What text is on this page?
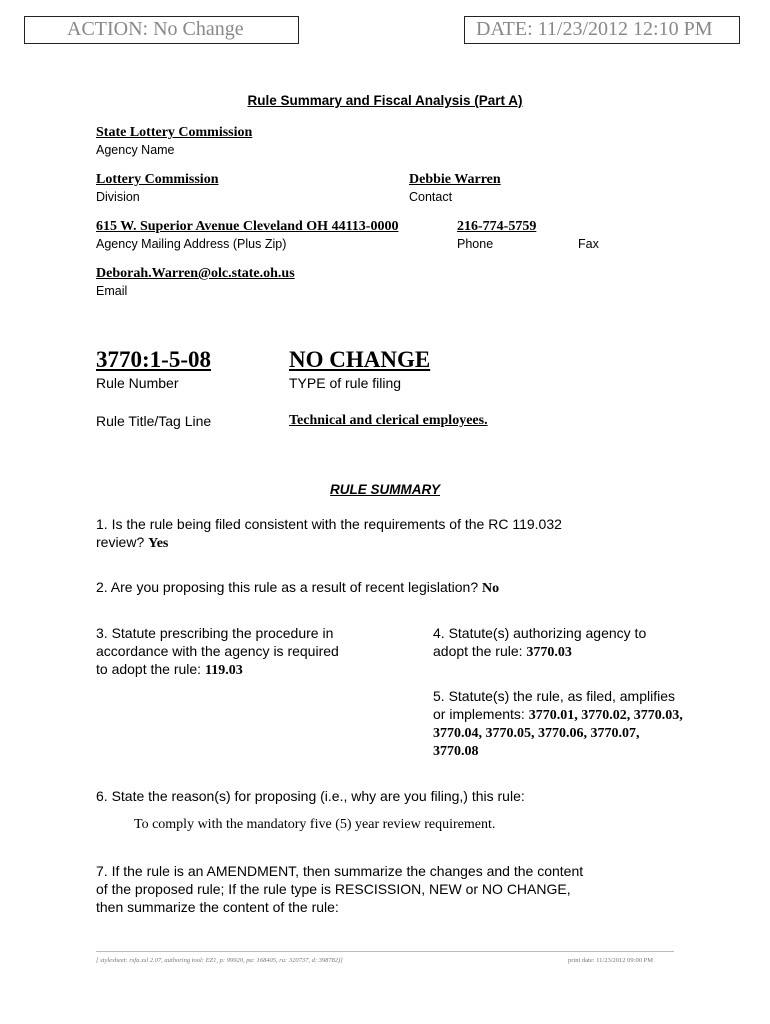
ACTION: No Change	DATE: 11/23/2012 12:10 PM
Rule Summary and Fiscal Analysis (Part A)
State Lottery Commission
Agency Name
Lottery Commission
Division
Debbie Warren
Contact
615 W. Superior Avenue Cleveland OH 44113-0000	216-774-5759
Agency Mailing Address (Plus Zip)	Phone	Fax
Deborah.Warren@olc.state.oh.us
Email
3770:1-5-08	NO CHANGE
Rule Number	TYPE of rule filing
Rule Title/Tag Line	Technical and clerical employees.
RULE SUMMARY
1. Is the rule being filed consistent with the requirements of the RC 119.032
review? Yes
2. Are you proposing this rule as a result of recent legislation? No
3. Statute prescribing the procedure in
accordance with the agency is required
to adopt the rule: 119.03
4. Statute(s) authorizing agency to
adopt the rule: 3770.03
5. Statute(s) the rule, as filed, amplifies
or implements: 3770.01, 3770.02, 3770.03,
3770.04, 3770.05, 3770.06, 3770.07,
3770.08
6. State the reason(s) for proposing (i.e., why are you filing,) this rule:
To comply with the mandatory five (5) year review requirement.
7. If the rule is an AMENDMENT, then summarize the changes and the content
of the proposed rule; If the rule type is RESCISSION, NEW or NO CHANGE,
then summarize the content of the rule:
[ stylesheet: rsfa.xsl 2.07, authoring tool: EZ1, p: 99920, pa: 168405, ra: 320737, d: 398782)]	print date: 11/23/2012 09:00 PM
